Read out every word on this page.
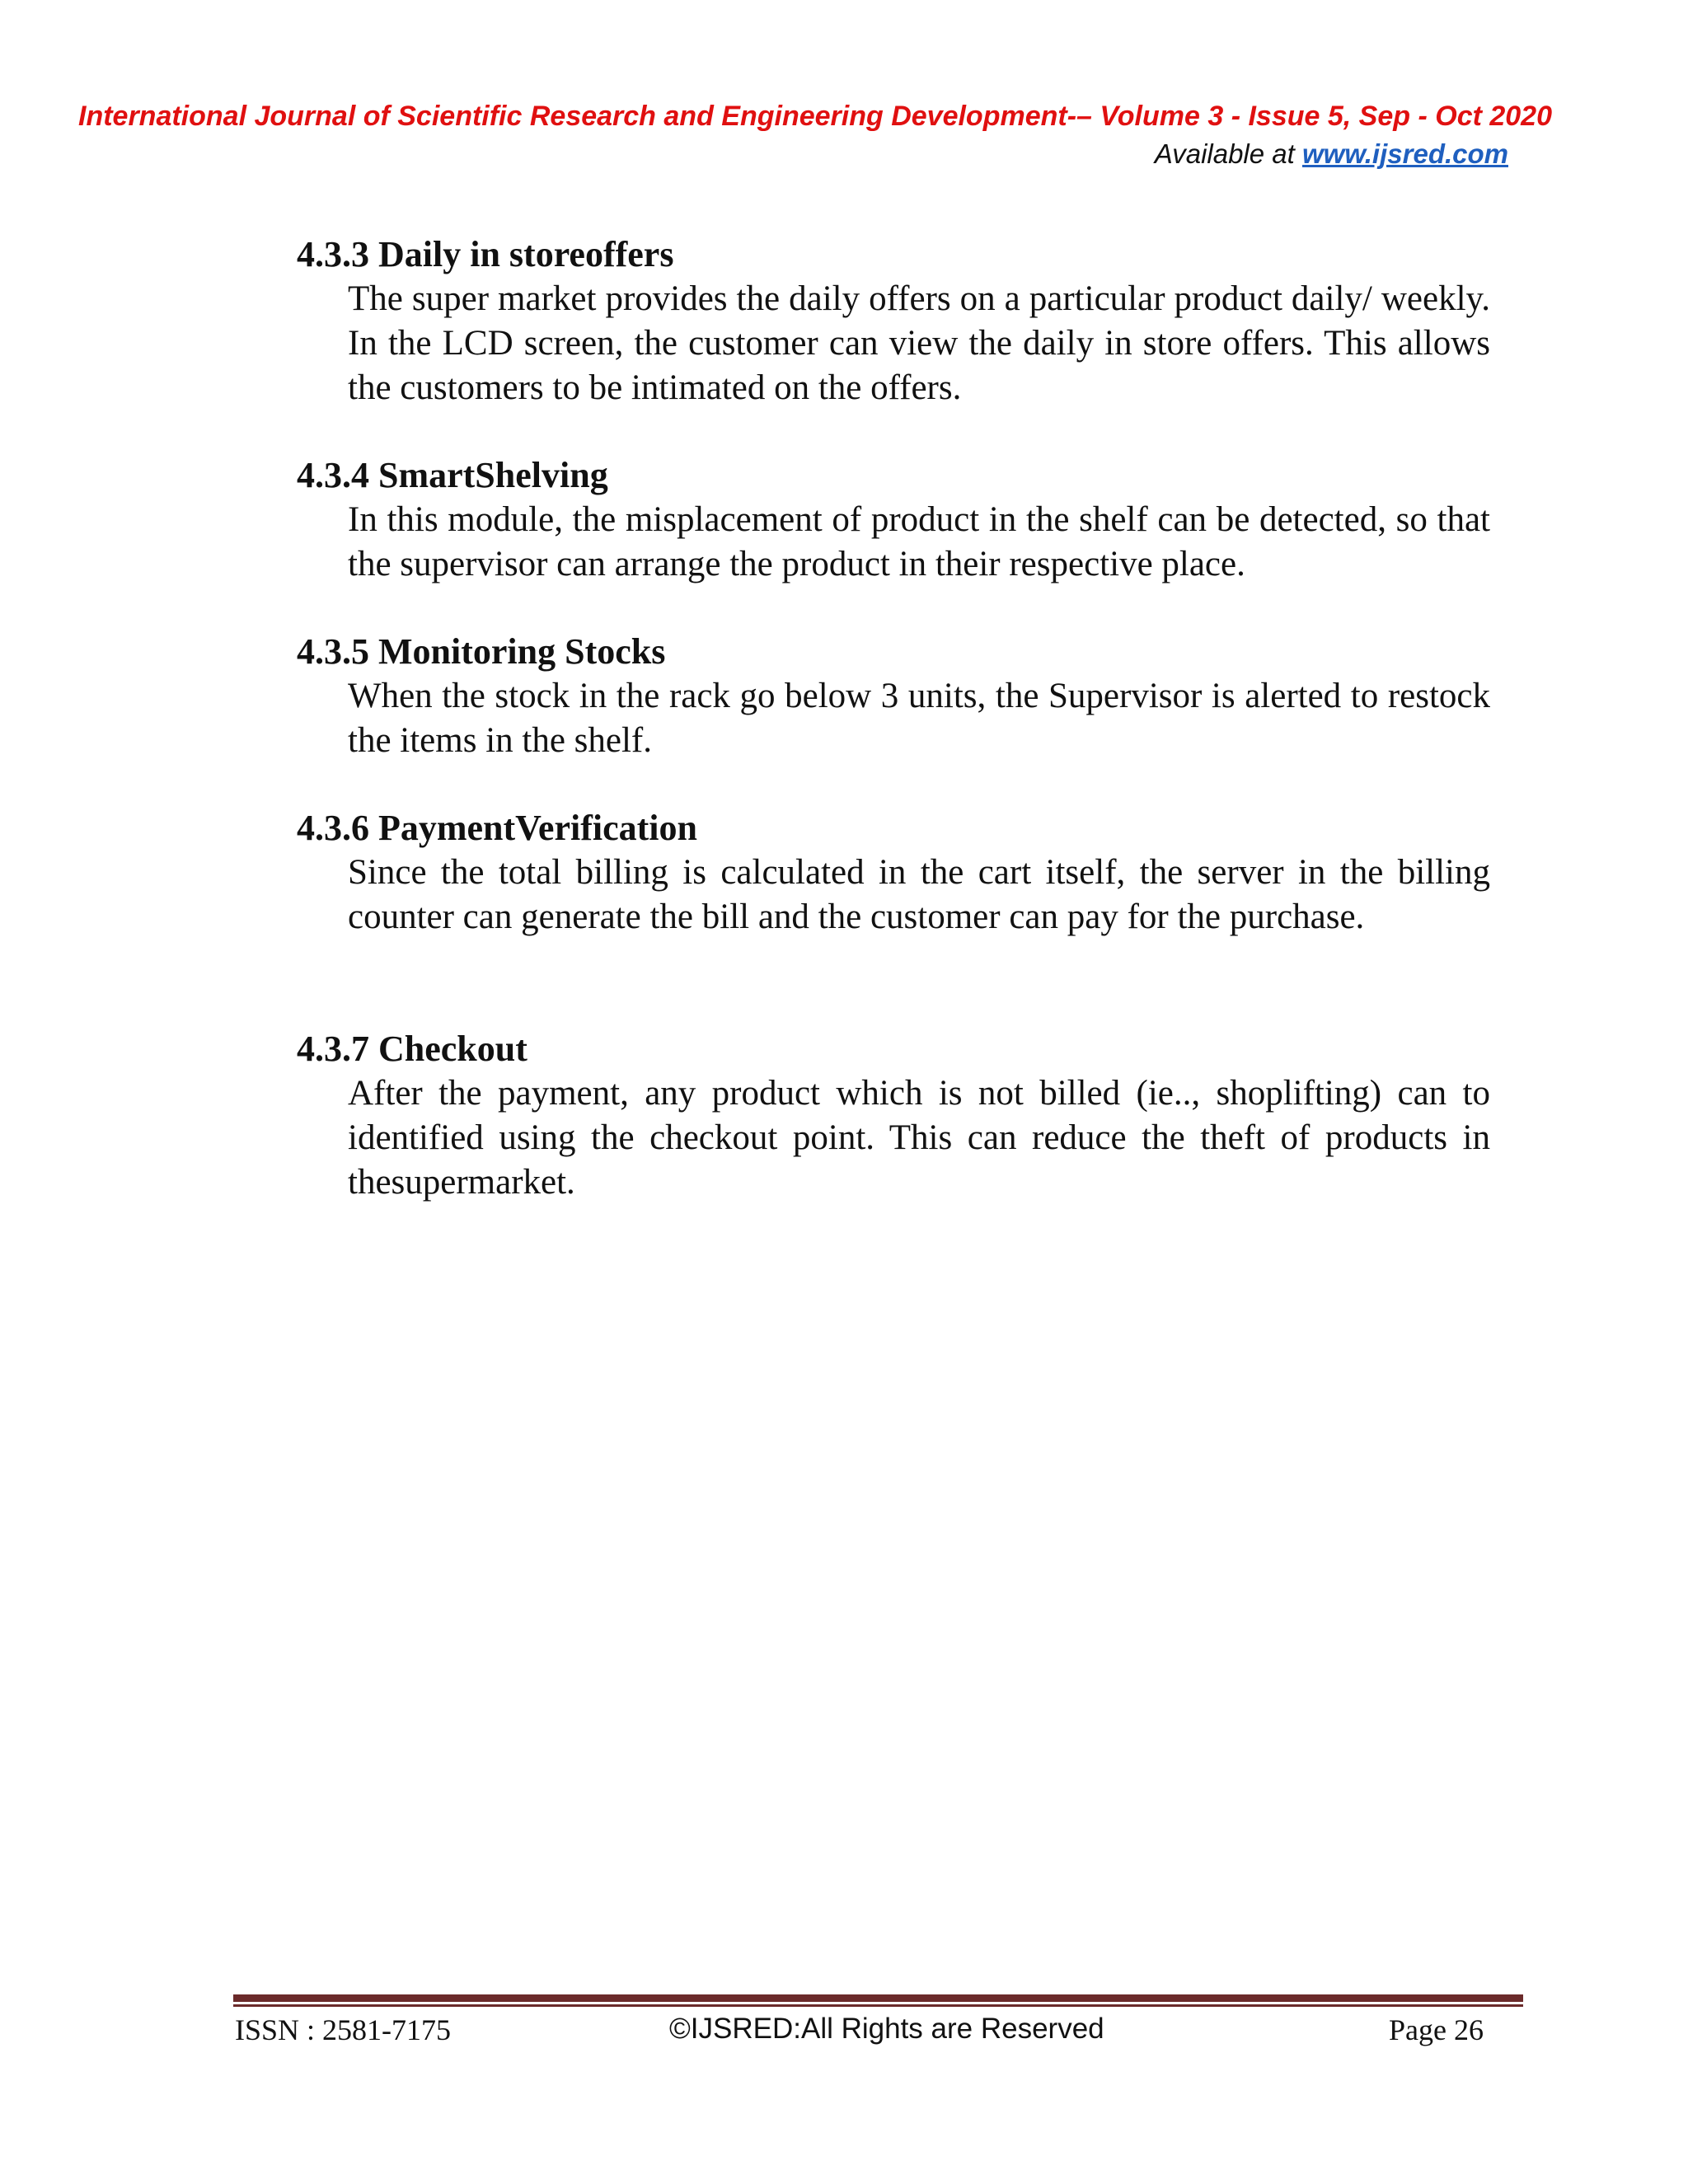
International Journal of Scientific Research and Engineering Development-– Volume 3 - Issue 5, Sep - Oct 2020
Available at www.ijsred.com
4.3.3 Daily in storeoffers

The super market provides the daily offers on a particular product daily/ weekly. In the LCD screen, the customer can view the daily in store offers. This allows the customers to be intimated on the offers.

4.3.4 SmartShelving

In this module, the misplacement of product in the shelf can be detected, so that the supervisor can arrange the product in their respective place.

4.3.5 Monitoring Stocks

When the stock in the rack go below 3 units, the Supervisor is alerted to restock the items in the shelf.

4.3.6 PaymentVerification

Since the total billing is calculated in the cart itself, the server in the billing counter can generate the bill and the customer can pay for the purchase.

4.3.7 Checkout

After the payment, any product which is not billed (ie.., shoplifting) can to identified using the checkout point. This can reduce the theft of products in thesupermarket.

ISSN : 2581-7175	©IJSRED:All Rights are Reserved	Page 26
